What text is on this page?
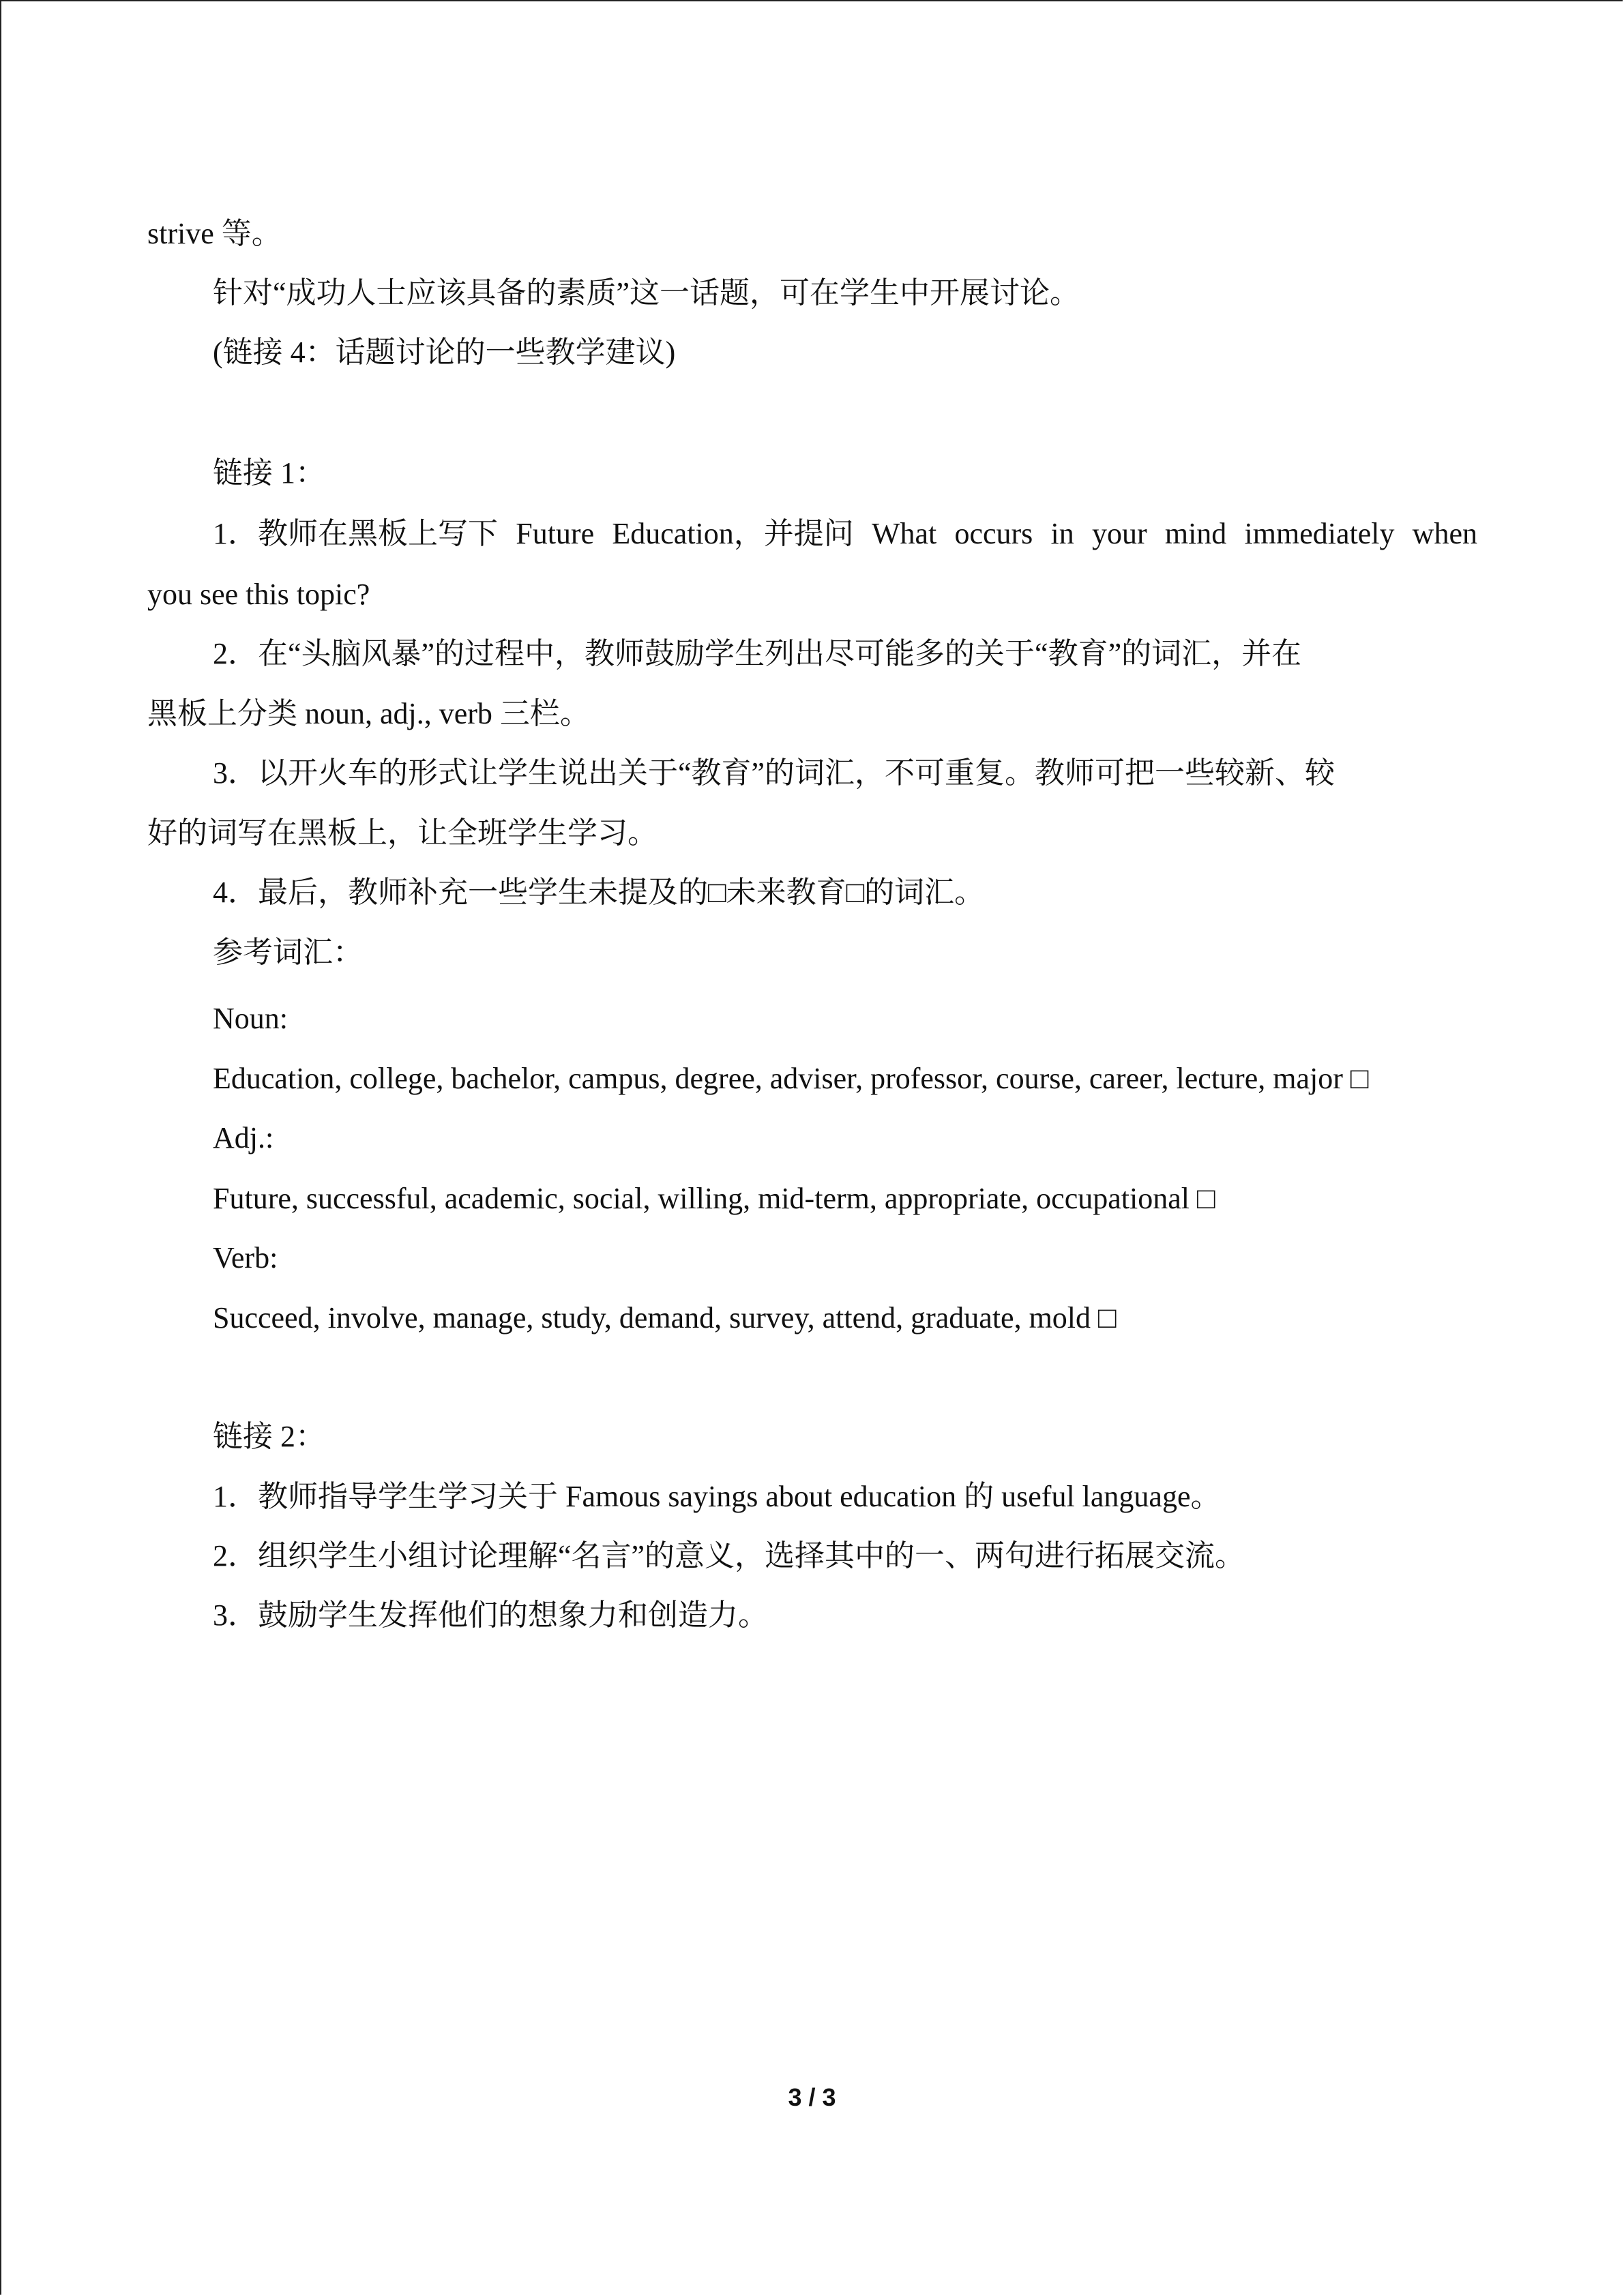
strive 等。
针对“成功人士应该具备的素质”这一话题，可在学生中开展讨论。
(链接 4：话题讨论的一些教学建议)
链接 1：
1．教师在黑板上写下 Future Education，并提问 What occurs in your mind immediately when
you see this topic?
2．在“头脑风暴”的过程中，教师鼓励学生列出尽可能多的关于“教育”的词汇，并在
黑板上分类 noun, adj., verb 三栏。
3．以开火车的形式让学生说出关于“教育”的词汇，不可重复。教师可把一些较新、较
好的词写在黑板上，让全班学生学习。
4．最后，教师补充一些学生未提及的□未来教育□的词汇。
参考词汇：
Noun:
Education, college, bachelor, campus, degree, adviser, professor, course, career, lecture, major □
Adj.:
Future, successful, academic, social, willing, mid-term, appropriate, occupational □
Verb:
Succeed, involve, manage, study, demand, survey, attend, graduate, mold □
链接 2：
1．教师指导学生学习关于 Famous sayings about education 的 useful language。
2．组织学生小组讨论理解“名言”的意义，选择其中的一、两句进行拓展交流。
3．鼓励学生发挥他们的想象力和创造力。
3 / 3
